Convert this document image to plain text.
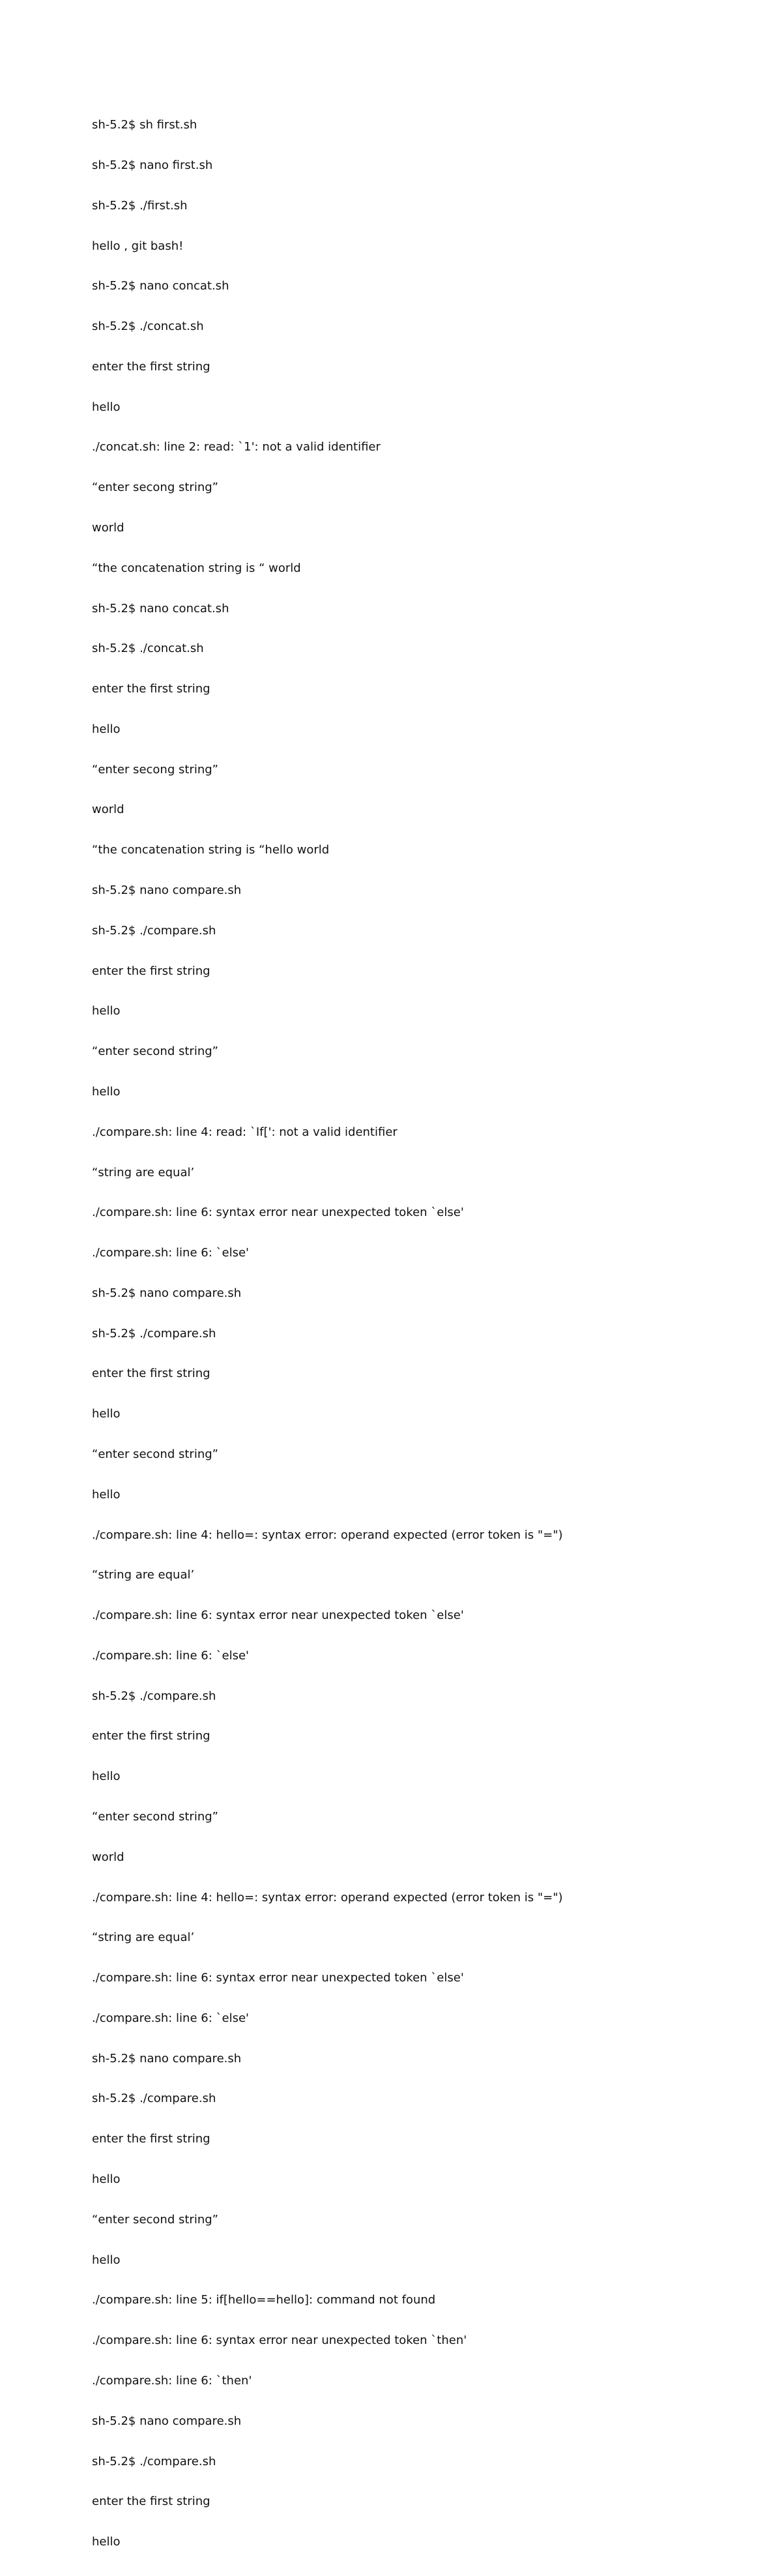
sh-5.2$ sh first.sh

sh-5.2$ nano first.sh

sh-5.2$ ./first.sh

hello , git bash!

sh-5.2$ nano concat.sh

sh-5.2$ ./concat.sh

enter the first string

hello

./concat.sh: line 2: read: `1': not a valid identifier

“enter secong string”

world

“the concatenation string is “ world

sh-5.2$ nano concat.sh

sh-5.2$ ./concat.sh

enter the first string

hello

“enter secong string”

world

“the concatenation string is “hello world

sh-5.2$ nano compare.sh

sh-5.2$ ./compare.sh

enter the first string

hello

“enter second string”

hello

./compare.sh: line 4: read: `If[': not a valid identifier

“string are equal’

./compare.sh: line 6: syntax error near unexpected token `else'

./compare.sh: line 6: `else'

sh-5.2$ nano compare.sh

sh-5.2$ ./compare.sh

enter the first string

hello

“enter second string”

hello

./compare.sh: line 4: hello=: syntax error: operand expected (error token is "=")

“string are equal’

./compare.sh: line 6: syntax error near unexpected token `else'

./compare.sh: line 6: `else'

sh-5.2$ ./compare.sh

enter the first string

hello

“enter second string”

world

./compare.sh: line 4: hello=: syntax error: operand expected (error token is "=")

“string are equal’

./compare.sh: line 6: syntax error near unexpected token `else'

./compare.sh: line 6: `else'

sh-5.2$ nano compare.sh

sh-5.2$ ./compare.sh

enter the first string

hello

“enter second string”

hello

./compare.sh: line 5: if[hello==hello]: command not found

./compare.sh: line 6: syntax error near unexpected token `then'

./compare.sh: line 6: `then'

sh-5.2$ nano compare.sh

sh-5.2$ ./compare.sh

enter the first string

hello
